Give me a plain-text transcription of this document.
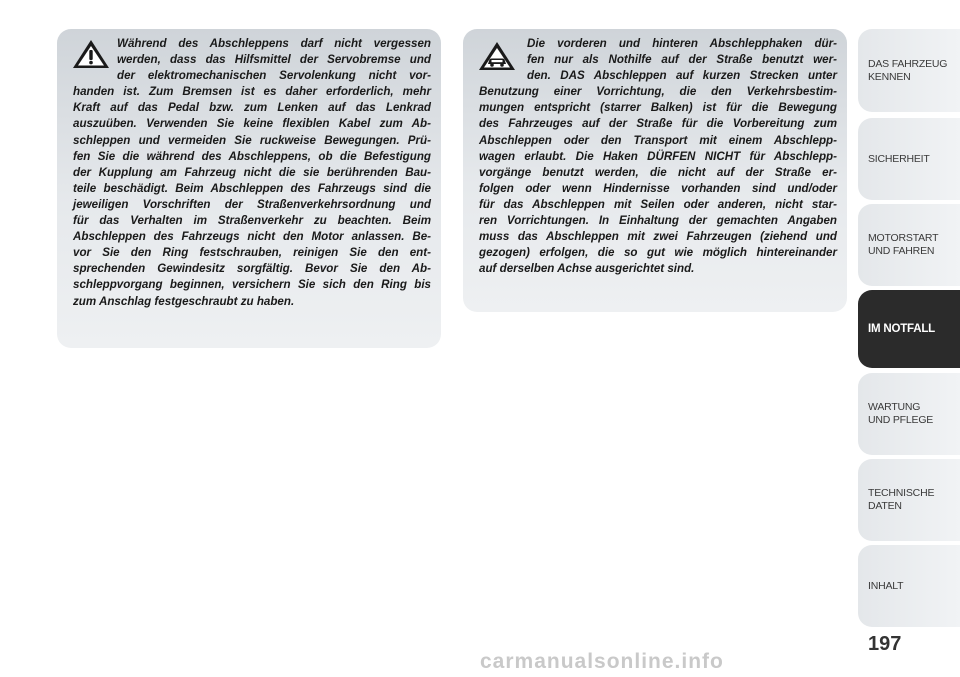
Während des Abschleppens darf nicht vergessen
werden, dass das Hilfsmittel der Servobremse und
der elektromechanischen Servolenkung nicht vor-
handen ist. Zum Bremsen ist es daher erforderlich, mehr
Kraft auf das Pedal bzw. zum Lenken auf das Lenkrad
auszuüben. Verwenden Sie keine flexiblen Kabel zum Ab-
schleppen und vermeiden Sie ruckweise Bewegungen. Prü-
fen Sie die während des Abschleppens, ob die Befestigung
der Kupplung am Fahrzeug nicht die sie berührenden Bau-
teile beschädigt. Beim Abschleppen des Fahrzeugs sind die
jeweiligen Vorschriften der Straßenverkehrsordnung und
für das Verhalten im Straßenverkehr zu beachten. Beim
Abschleppen des Fahrzeugs nicht den Motor anlassen. Be-
vor Sie den Ring festschrauben, reinigen Sie den ent-
sprechenden Gewindesitz sorgfältig. Bevor Sie den Ab-
schleppvorgang beginnen, versichern Sie sich den Ring bis
zum Anschlag festgeschraubt zu haben.

Die vorderen und hinteren Abschlepphaken dür-
fen nur als Nothilfe auf der Straße benutzt wer-
den. DAS Abschleppen auf kurzen Strecken unter
Benutzung einer Vorrichtung, die den Verkehrsbestim-
mungen entspricht (starrer Balken) ist für die Bewegung
des Fahrzeuges auf der Straße für die Vorbereitung zum
Abschleppen oder den Transport mit einem Abschlepp-
wagen erlaubt. Die Haken DÜRFEN NICHT für Abschlepp-
vorgänge benutzt werden, die nicht auf der Straße er-
folgen oder wenn Hindernisse vorhanden sind und/oder
für das Abschleppen mit Seilen oder anderen, nicht star-
ren Vorrichtungen. In Einhaltung der gemachten Angaben
muss das Abschleppen mit zwei Fahrzeugen (ziehend und
gezogen) erfolgen, die so gut wie möglich hintereinander
auf derselben Achse ausgerichtet sind.

DAS FAHRZEUG
KENNEN
SICHERHEIT
MOTORSTART
UND FAHREN
IM NOTFALL
WARTUNG
UND PFLEGE
TECHNISCHE
DATEN
INHALT
197
carmanualsonline.info
